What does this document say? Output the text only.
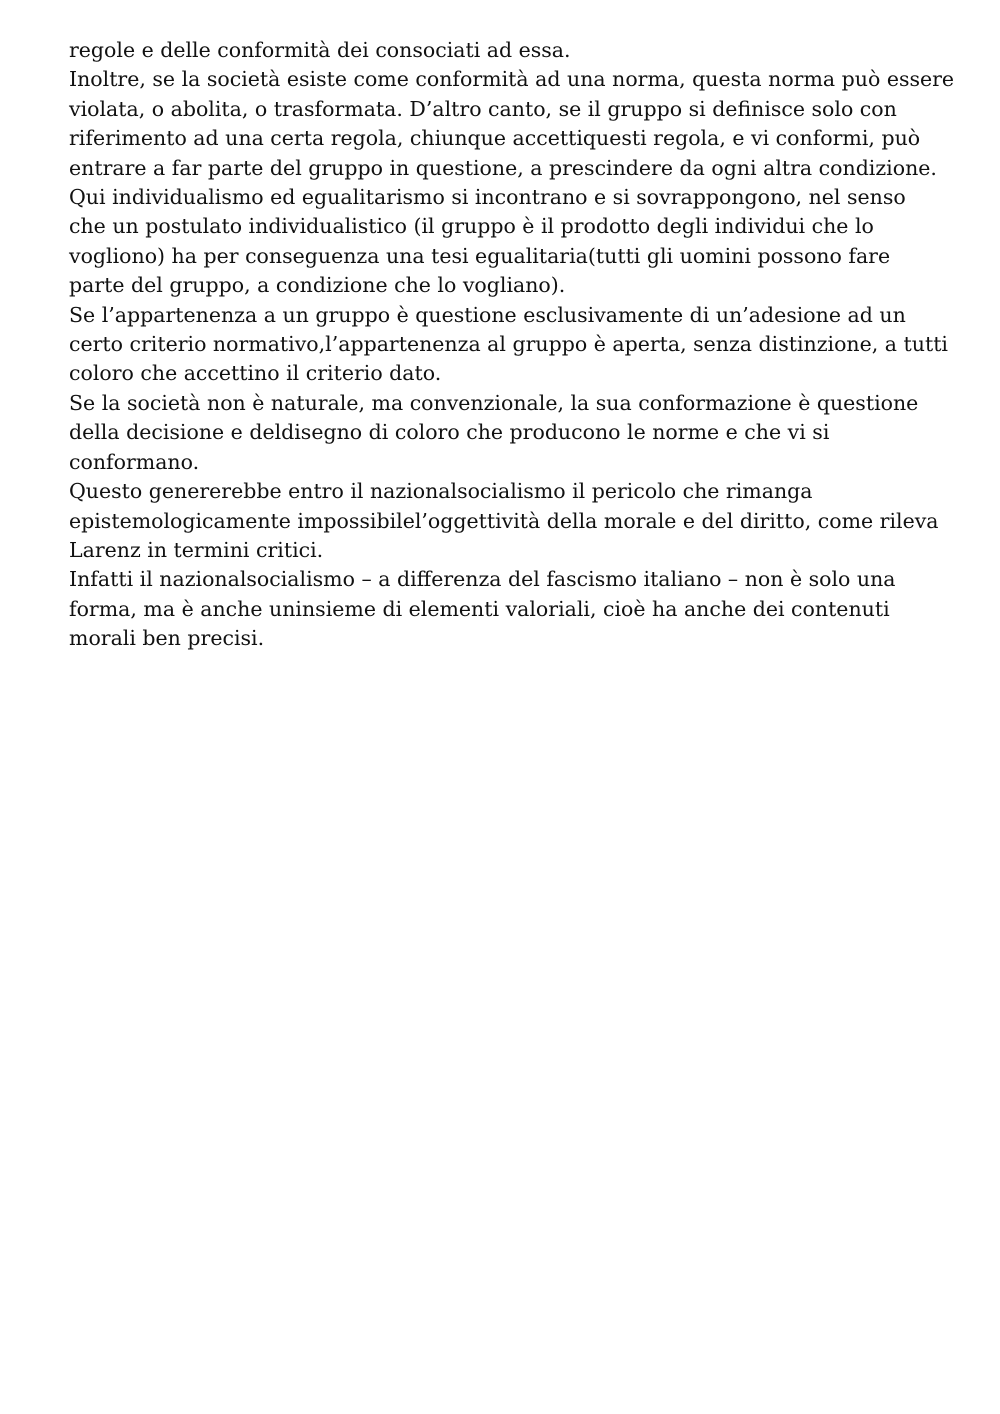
regole e delle conformità dei consociati ad essa.
Inoltre, se la società esiste come conformità ad una norma, questa norma può essere
violata, o abolita, o trasformata. D’altro canto, se il gruppo si definisce solo con
riferimento ad una certa regola, chiunque accettiquesti regola, e vi conformi, può
entrare a far parte del gruppo in questione, a prescindere da ogni altra condizione.
Qui individualismo ed egualitarismo si incontrano e si sovrappongono, nel senso
che un postulato individualistico (il gruppo è il prodotto degli individui che lo
vogliono) ha per conseguenza una tesi egualitaria(tutti gli uomini possono fare
parte del gruppo, a condizione che lo vogliano).
Se l’appartenenza a un gruppo è questione esclusivamente di un’adesione ad un
certo criterio normativo,l’appartenenza al gruppo è aperta, senza distinzione, a tutti
coloro che accettino il criterio dato.
Se la società non è naturale, ma convenzionale, la sua conformazione è questione
della decisione e deldisegno di coloro che producono le norme e che vi si
conformano.
Questo genererebbe entro il nazionalsocialismo il pericolo che rimanga
epistemologicamente impossibilel’oggettività della morale e del diritto, come rileva
Larenz in termini critici.
Infatti il nazionalsocialismo – a differenza del fascismo italiano – non è solo una
forma, ma è anche uninsieme di elementi valoriali, cioè ha anche dei contenuti
morali ben precisi.
